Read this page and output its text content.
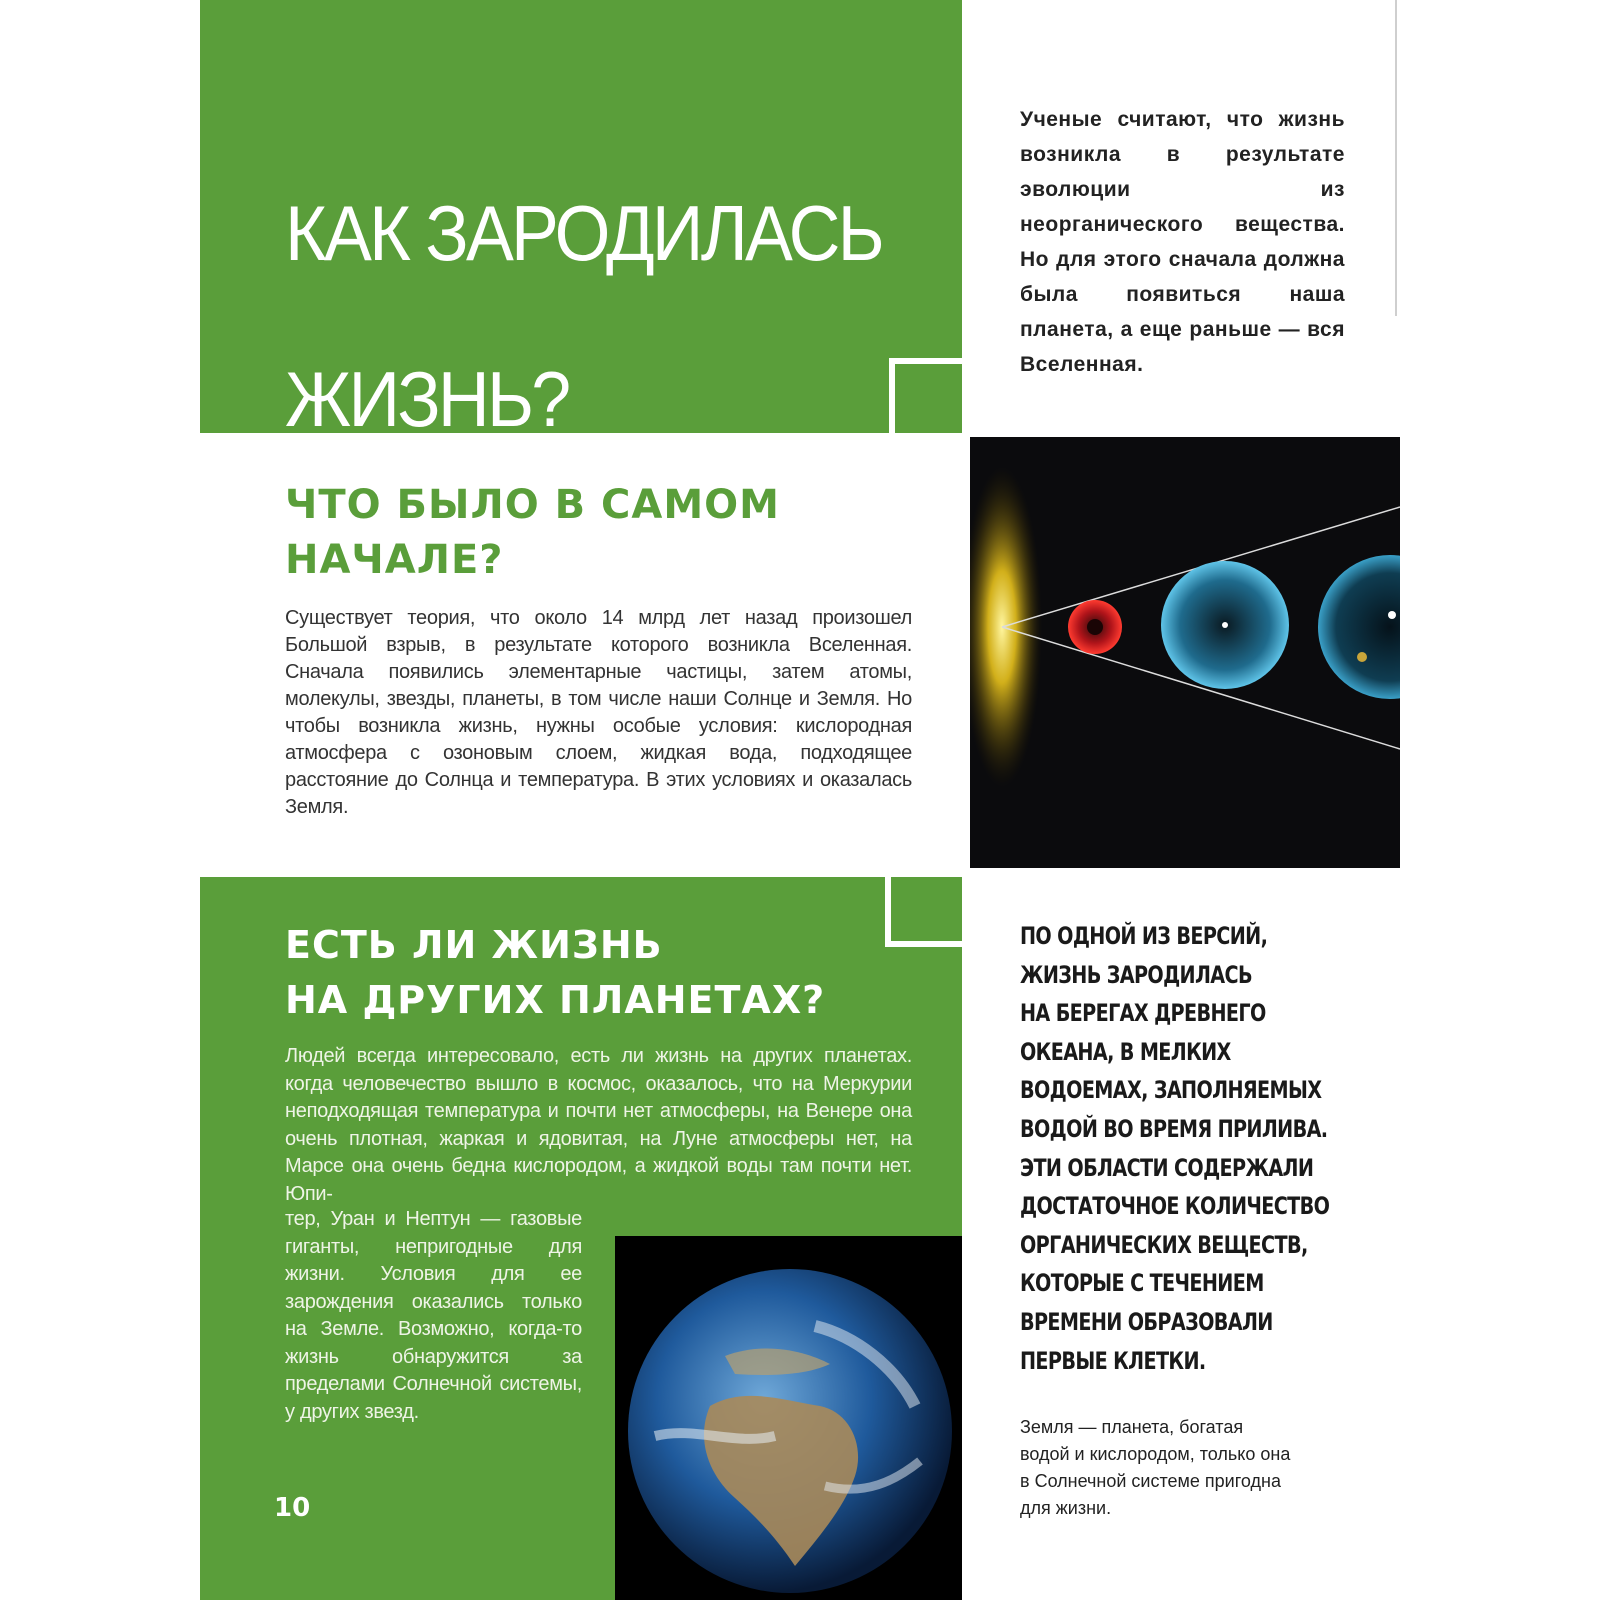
КАК ЗАРОДИЛАСЬ
ЖИЗНЬ?

Ученые считают, что жизнь возникла в результате эволюции из неорганического вещества. Но для этого сначала должна была появиться наша планета, а еще раньше — вся Вселенная.

ЧТО БЫЛО В САМОМ
НАЧАЛЕ?

Существует теория, что около 14 млрд лет назад произошел Большой взрыв, в результате которого возникла Вселенная. Сначала появились элементарные частицы, затем атомы, молекулы, звезды, планеты, в том числе наши Солнце и Земля. Но чтобы возникла жизнь, нужны особые условия: кислородная атмосфера с озоновым слоем, жидкая вода, подходящее расстояние до Солнца и температура. В этих условиях и оказалась Земля.

ЕСТЬ ЛИ ЖИЗНЬ
НА ДРУГИХ ПЛАНЕТАХ?

Людей всегда интересовало, есть ли жизнь на других планетах. когда человечество вышло в космос, оказалось, что на Меркурии неподходящая температура и почти нет атмосферы, на Венере она очень плотная, жаркая и ядовитая, на Луне атмосферы нет, на Марсе она очень бедна кислородом, а жидкой воды там почти нет. Юпи-

тер, Уран и Нептун — газовые гиганты, непригодные для жизни. Условия для ее зарождения оказались только на Земле. Возможно, когда-то жизнь обнаружится за пределами Солнечной системы, у других звезд.

10
ПО ОДНОЙ ИЗ ВЕРСИЙ,
ЖИЗНЬ ЗАРОДИЛАСЬ
НА БЕРЕГАХ ДРЕВНЕГО
ОКЕАНА, В МЕЛКИХ
ВОДОЕМАХ, ЗАПОЛНЯЕМЫХ
ВОДОЙ ВО ВРЕМЯ ПРИЛИВА.
ЭТИ ОБЛАСТИ СОДЕРЖАЛИ
ДОСТАТОЧНОЕ КОЛИЧЕСТВО
ОРГАНИЧЕСКИХ ВЕЩЕСТВ,
КОТОРЫЕ С ТЕЧЕНИЕМ
ВРЕМЕНИ ОБРАЗОВАЛИ
ПЕРВЫЕ КЛЕТКИ.
Земля — планета, богатая
водой и кислородом, только она
в Солнечной системе пригодна
для жизни.
